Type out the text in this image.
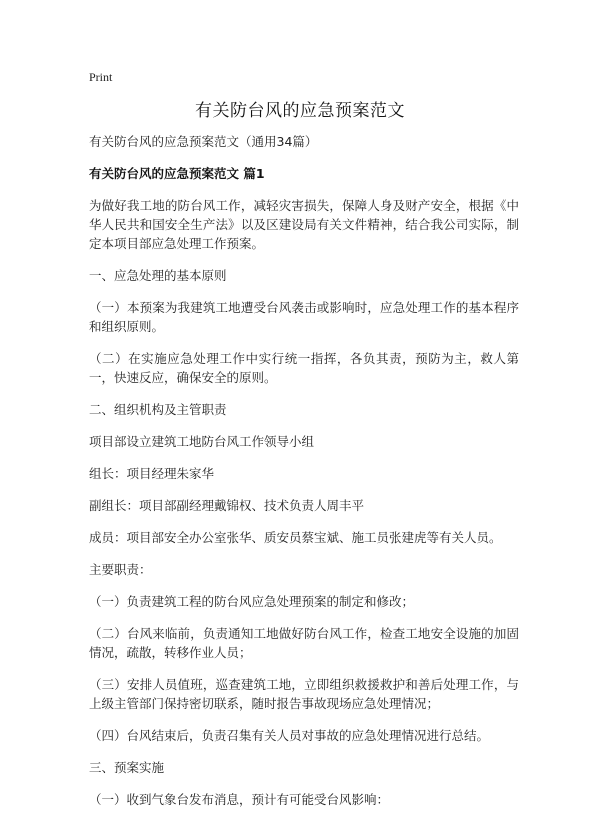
Print
有关防台风的应急预案范文

有关防台风的应急预案范文（通用34篇）

有关防台风的应急预案范文 篇1

为做好我工地的防台风工作，减轻灾害损失，保障人身及财产安全，根据《中华人民共和国安全生产法》以及区建设局有关文件精神，结合我公司实际，制定本项目部应急处理工作预案。

一、应急处理的基本原则

（一）本预案为我建筑工地遭受台风袭击或影响时，应急处理工作的基本程序和组织原则。

（二）在实施应急处理工作中实行统一指挥，各负其责，预防为主，救人第一，快速反应，确保安全的原则。

二、组织机构及主管职责

项目部设立建筑工地防台风工作领导小组

组长：项目经理朱家华

副组长：项目部副经理戴锦权、技术负责人周丰平

成员：项目部安全办公室张华、质安员蔡宝斌、施工员张建虎等有关人员。

主要职责：

（一）负责建筑工程的防台风应急处理预案的制定和修改；

（二）台风来临前，负责通知工地做好防台风工作，检查工地安全设施的加固情况，疏散，转移作业人员；

（三）安排人员值班，巡查建筑工地，立即组织救援救护和善后处理工作，与上级主管部门保持密切联系，随时报告事故现场应急处理情况；

（四）台风结束后，负责召集有关人员对事故的应急处理情况进行总结。

三、预案实施

（一）收到气象台发布消息，预计有可能受台风影响：
